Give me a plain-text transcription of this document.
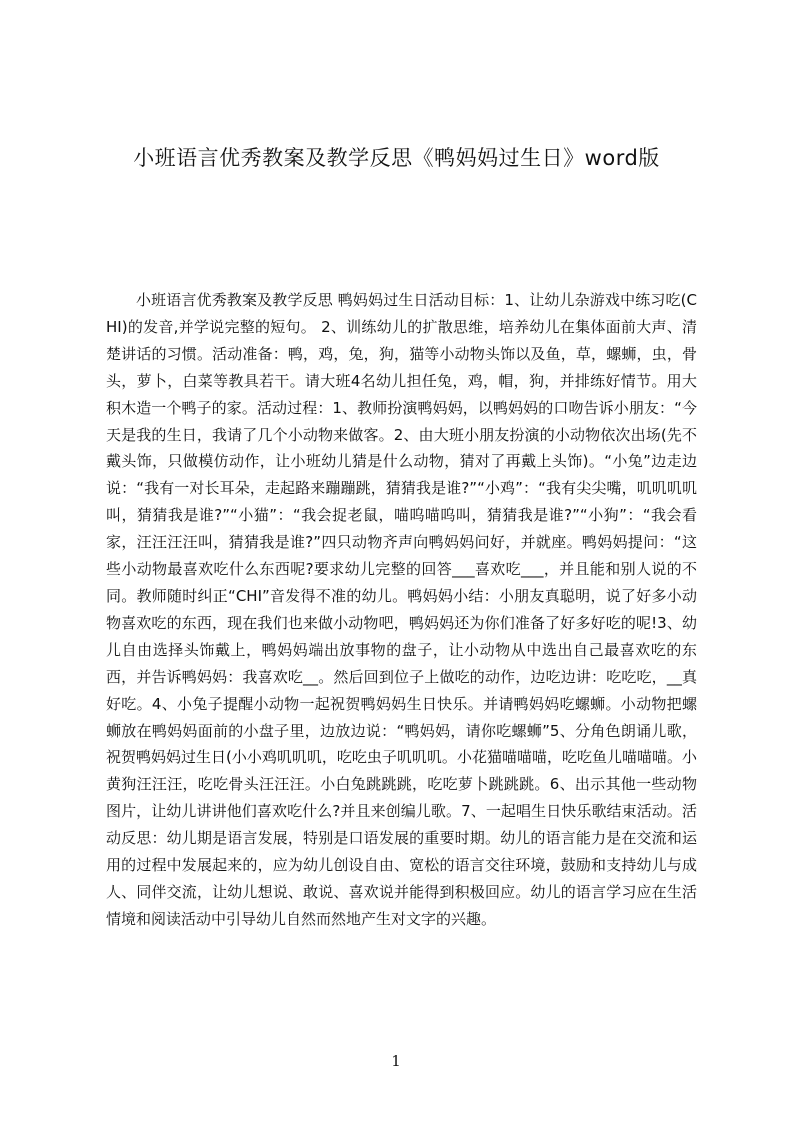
小班语言优秀教案及教学反思《鸭妈妈过生日》word版

小班语言优秀教案及教学反思 鸭妈妈过生日活动目标：1、让幼儿杂游戏中练习吃(CHI)的发音,并学说完整的短句。 2、训练幼儿的扩散思维，培养幼儿在集体面前大声、清楚讲话的习惯。活动准备：鸭，鸡，兔，狗，猫等小动物头饰以及鱼，草，螺蛳，虫，骨头，萝卜，白菜等教具若干。请大班4名幼儿担任兔，鸡，帽，狗，并排练好情节。用大积木造一个鸭子的家。活动过程：1、教师扮演鸭妈妈，以鸭妈妈的口吻告诉小朋友：“今天是我的生日，我请了几个小动物来做客。2、由大班小朋友扮演的小动物依次出场(先不戴头饰，只做模仿动作，让小班幼儿猜是什么动物，猜对了再戴上头饰)。“小兔”边走边说：“我有一对长耳朵，走起路来蹦蹦跳，猜猜我是谁?”“小鸡”：“我有尖尖嘴，叽叽叽叽叫，猜猜我是谁?”“小猫”：“我会捉老鼠，喵呜喵呜叫，猜猜我是谁?”“小狗”：“我会看家，汪汪汪汪叫，猜猜我是谁?”四只动物齐声向鸭妈妈问好，并就座。鸭妈妈提问：“这些小动物最喜欢吃什么东西呢?要求幼儿完整的回答___喜欢吃___，并且能和别人说的不同。教师随时纠正“CHI”音发得不准的幼儿。鸭妈妈小结：小朋友真聪明，说了好多小动物喜欢吃的东西，现在我们也来做小动物吧，鸭妈妈还为你们准备了好多好吃的呢!3、幼儿自由选择头饰戴上，鸭妈妈端出放事物的盘子，让小动物从中选出自己最喜欢吃的东西，并告诉鸭妈妈：我喜欢吃__。然后回到位子上做吃的动作，边吃边讲：吃吃吃，__真好吃。4、小兔子提醒小动物一起祝贺鸭妈妈生日快乐。并请鸭妈妈吃螺蛳。小动物把螺蛳放在鸭妈妈面前的小盘子里，边放边说：“鸭妈妈，请你吃螺蛳”5、分角色朗诵儿歌，祝贺鸭妈妈过生日(小小鸡叽叽叽，吃吃虫子叽叽叽。小花猫喵喵喵，吃吃鱼儿喵喵喵。小黄狗汪汪汪，吃吃骨头汪汪汪。小白兔跳跳跳，吃吃萝卜跳跳跳。6、出示其他一些动物图片，让幼儿讲讲他们喜欢吃什么?并且来创编儿歌。7、一起唱生日快乐歌结束活动。活动反思：幼儿期是语言发展，特别是口语发展的重要时期。幼儿的语言能力是在交流和运用的过程中发展起来的，应为幼儿创设自由、宽松的语言交往环境，鼓励和支持幼儿与成人、同伴交流，让幼儿想说、敢说、喜欢说并能得到积极回应。幼儿的语言学习应在生活情境和阅读活动中引导幼儿自然而然地产生对文字的兴趣。

1
